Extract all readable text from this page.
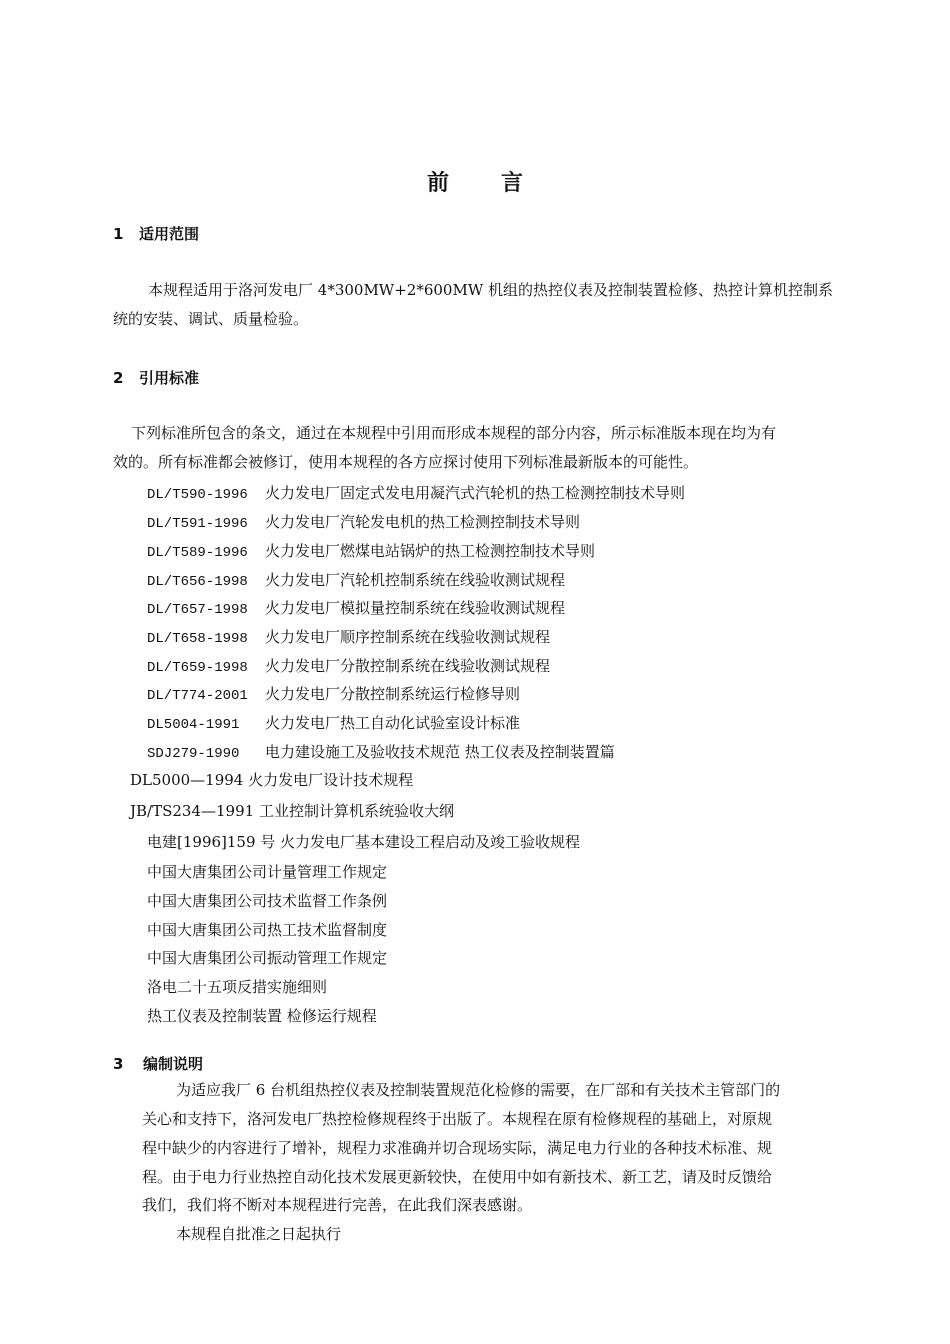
前 言
1 适用范围
本规程适用于洛河发电厂 4*300MW+2*600MW 机组的热控仪表及控制装置检修、热控计算机控制系
统的安装、调试、质量检验。
2 引用标准
下列标准所包含的条文，通过在本规程中引用而形成本规程的部分内容，所示标准版本现在均为有
效的。所有标准都会被修订，使用本规程的各方应探讨使用下列标准最新版本的可能性。
DL/T590-1996 火力发电厂固定式发电用凝汽式汽轮机的热工检测控制技术导则
DL/T591-1996 火力发电厂汽轮发电机的热工检测控制技术导则
DL/T589-1996 火力发电厂燃煤电站锅炉的热工检测控制技术导则
DL/T656-1998 火力发电厂汽轮机控制系统在线验收测试规程
DL/T657-1998 火力发电厂模拟量控制系统在线验收测试规程
DL/T658-1998 火力发电厂顺序控制系统在线验收测试规程
DL/T659-1998 火力发电厂分散控制系统在线验收测试规程
DL/T774-2001 火力发电厂分散控制系统运行检修导则
DL5004-1991 火力发电厂热工自动化试验室设计标准
SDJ279-1990 电力建设施工及验收技术规范 热工仪表及控制装置篇
DL5000—1994 火力发电厂设计技术规程
JB/TS234—1991 工业控制计算机系统验收大纲
电建[1996]159 号 火力发电厂基本建设工程启动及竣工验收规程
中国大唐集团公司计量管理工作规定
中国大唐集团公司技术监督工作条例
中国大唐集团公司热工技术监督制度
中国大唐集团公司振动管理工作规定
洛电二十五项反措实施细则
热工仪表及控制装置 检修运行规程
3 编制说明
为适应我厂 6 台机组热控仪表及控制装置规范化检修的需要，在厂部和有关技术主管部门的
关心和支持下，洛河发电厂热控检修规程终于出版了。本规程在原有检修规程的基础上，对原规
程中缺少的内容进行了增补，规程力求准确并切合现场实际，满足电力行业的各种技术标准、规
程。由于电力行业热控自动化技术发展更新较快，在使用中如有新技术、新工艺，请及时反馈给
我们，我们将不断对本规程进行完善，在此我们深表感谢。
本规程自批准之日起执行
